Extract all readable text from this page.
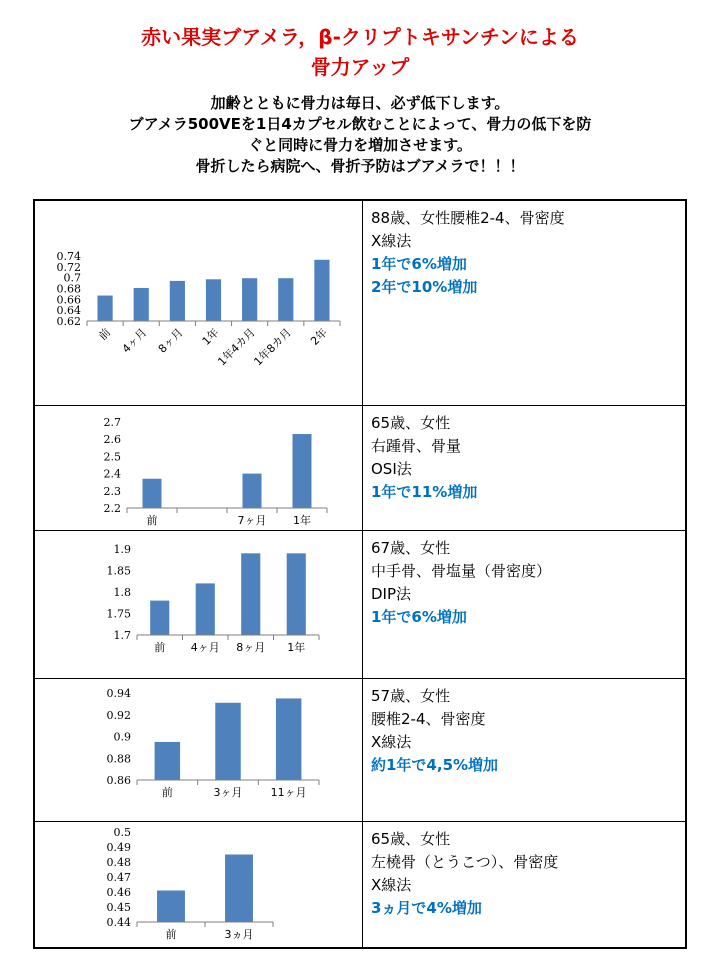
赤い果実ブアメラ，β-クリプトキサンチンによる
骨力アップ
加齢とともに骨力は毎日、必ず低下します。
ブアメラ500VEを1日4カプセル飲むことによって、骨力の低下を防
ぐと同時に骨力を増加させます。
骨折したら病院へ、骨折予防はブアメラで！！！
0.62
0.64
0.66
0.68
0.7
0.72
0.74
前 4ヶ月 8ヶ月 1年
1年4カ月
1年8カ月 2年
88歳、女性腰椎2-4、骨密度
X線法
1年で6%増加
2年で10%増加
2.2
2.3
2.4
2.5
2.6
2.7
前	7ヶ月 1年
65歳、女性
右踵骨、骨量
OSI法
1年で11%増加
1.7
1.75
1.8
1.85
1.9
前 4ヶ月 8ヶ月 1年
67歳、女性
中手骨、骨塩量（骨密度）
DIP法
1年で6%増加
0.86
0.88
0.9
0.92
0.94
前	3ヶ月	11ヶ月
57歳、女性
腰椎2-4、骨密度
X線法
約1年で4,5%増加
0.44
0.45
0.46
0.47
0.48
0.49
0.5
前	3ヵ月
65歳、女性
左橈骨（とうこつ）、骨密度
X線法
3ヵ月で4%増加
